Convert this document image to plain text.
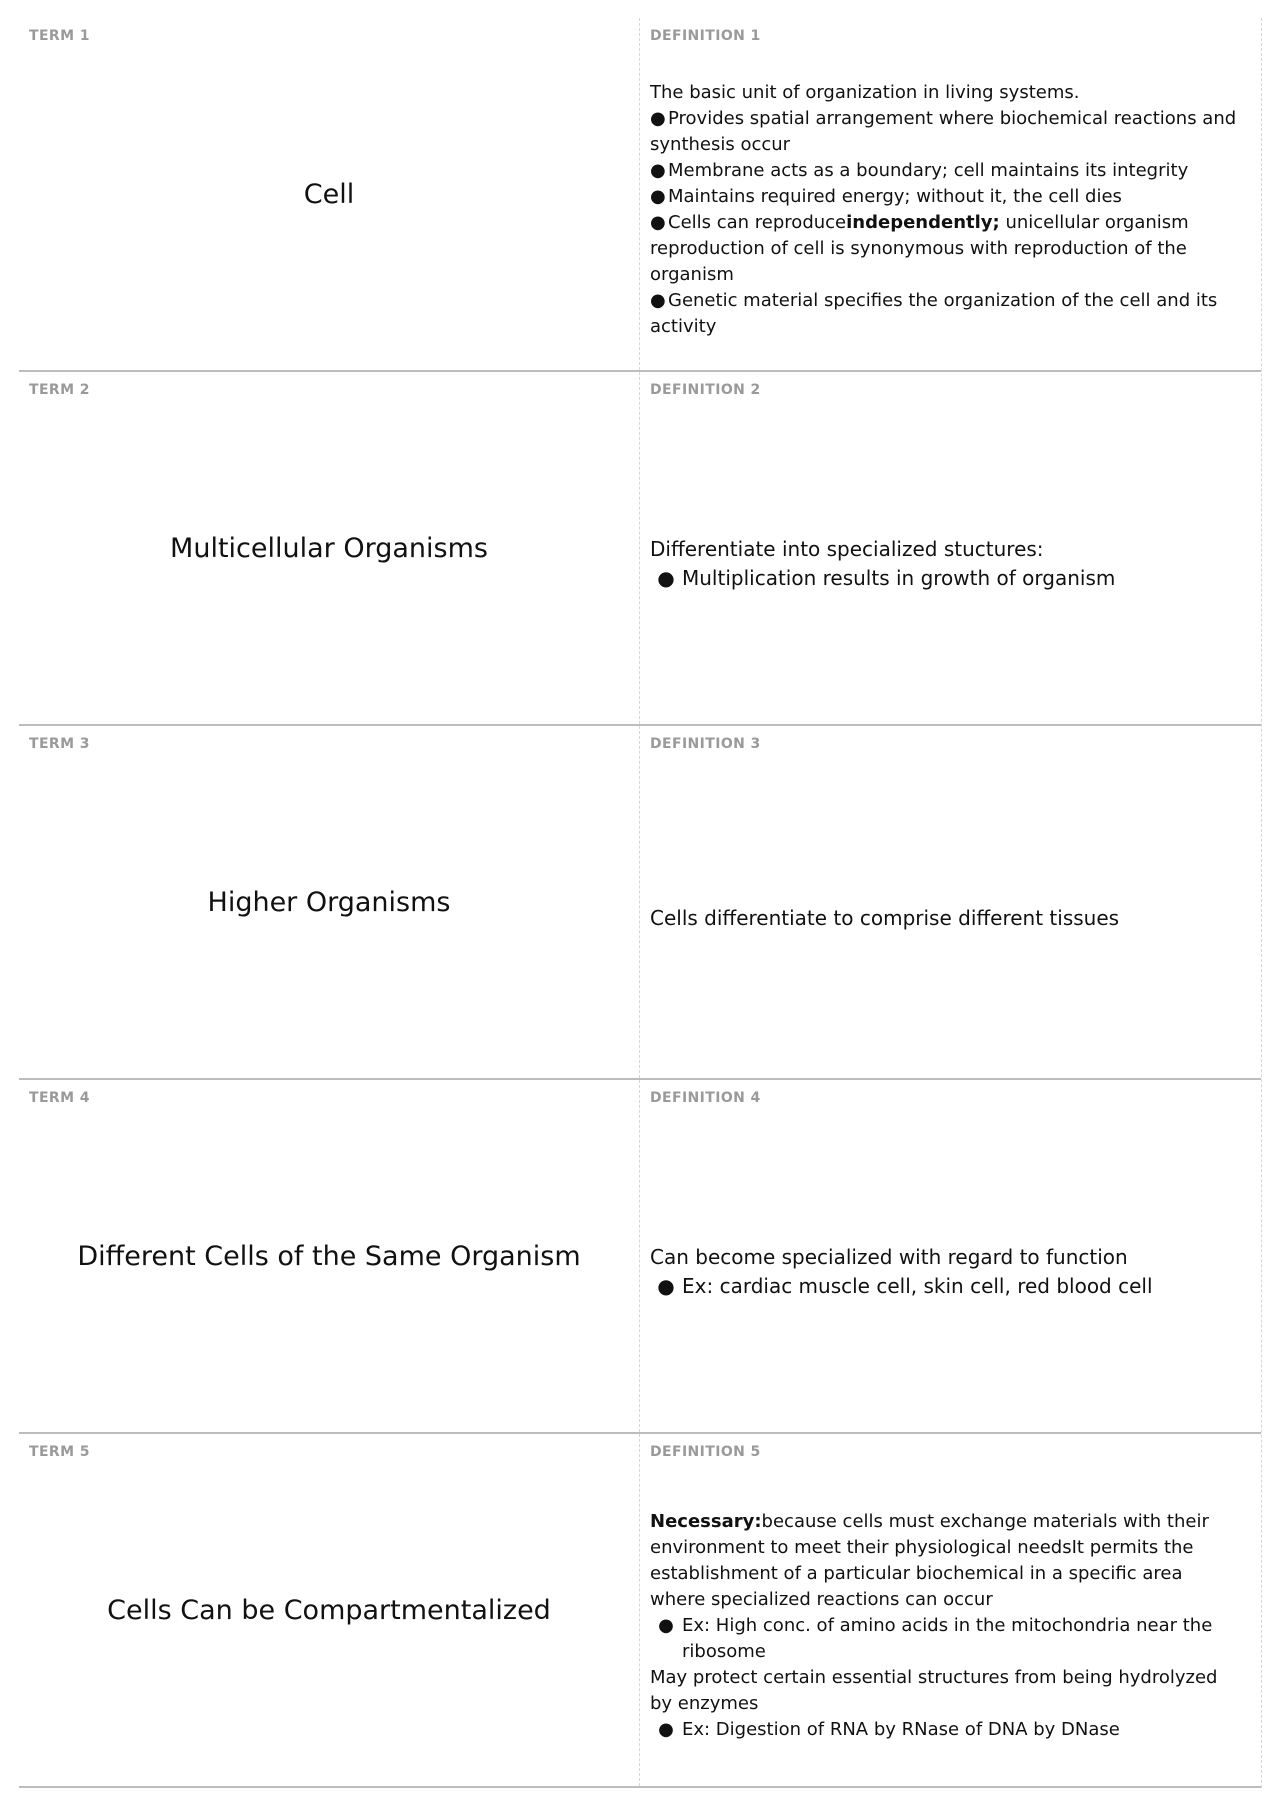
TERM 1
Cell
DEFINITION 1
The basic unit of organization in living systems.
● Provides spatial arrangement where biochemical reactions and synthesis occur
● Membrane acts as a boundary; cell maintains its integrity
● Maintains required energy; without it, the cell dies
● Cells can reproduceindependently; unicellular organism reproduction of cell is synonymous with reproduction of the organism
● Genetic material specifies the organization of the cell and its activity
TERM 2
Multicellular Organisms
DEFINITION 2
Differentiate into specialized stuctures:
● Multiplication results in growth of organism
TERM 3
Higher Organisms
DEFINITION 3
Cells differentiate to comprise different tissues
TERM 4
Different Cells of the Same Organism
DEFINITION 4
Can become specialized with regard to function
● Ex: cardiac muscle cell, skin cell, red blood cell
TERM 5
Cells Can be Compartmentalized
DEFINITION 5
Necessary:because cells must exchange materials with their environment to meet their physiological needsIt permits the establishment of a particular biochemical in a specific area where specialized reactions can occur
● Ex: High conc. of amino acids in the mitochondria near the ribosome
May protect certain essential structures from being hydrolyzed by enzymes
● Ex: Digestion of RNA by RNase of DNA by DNase
